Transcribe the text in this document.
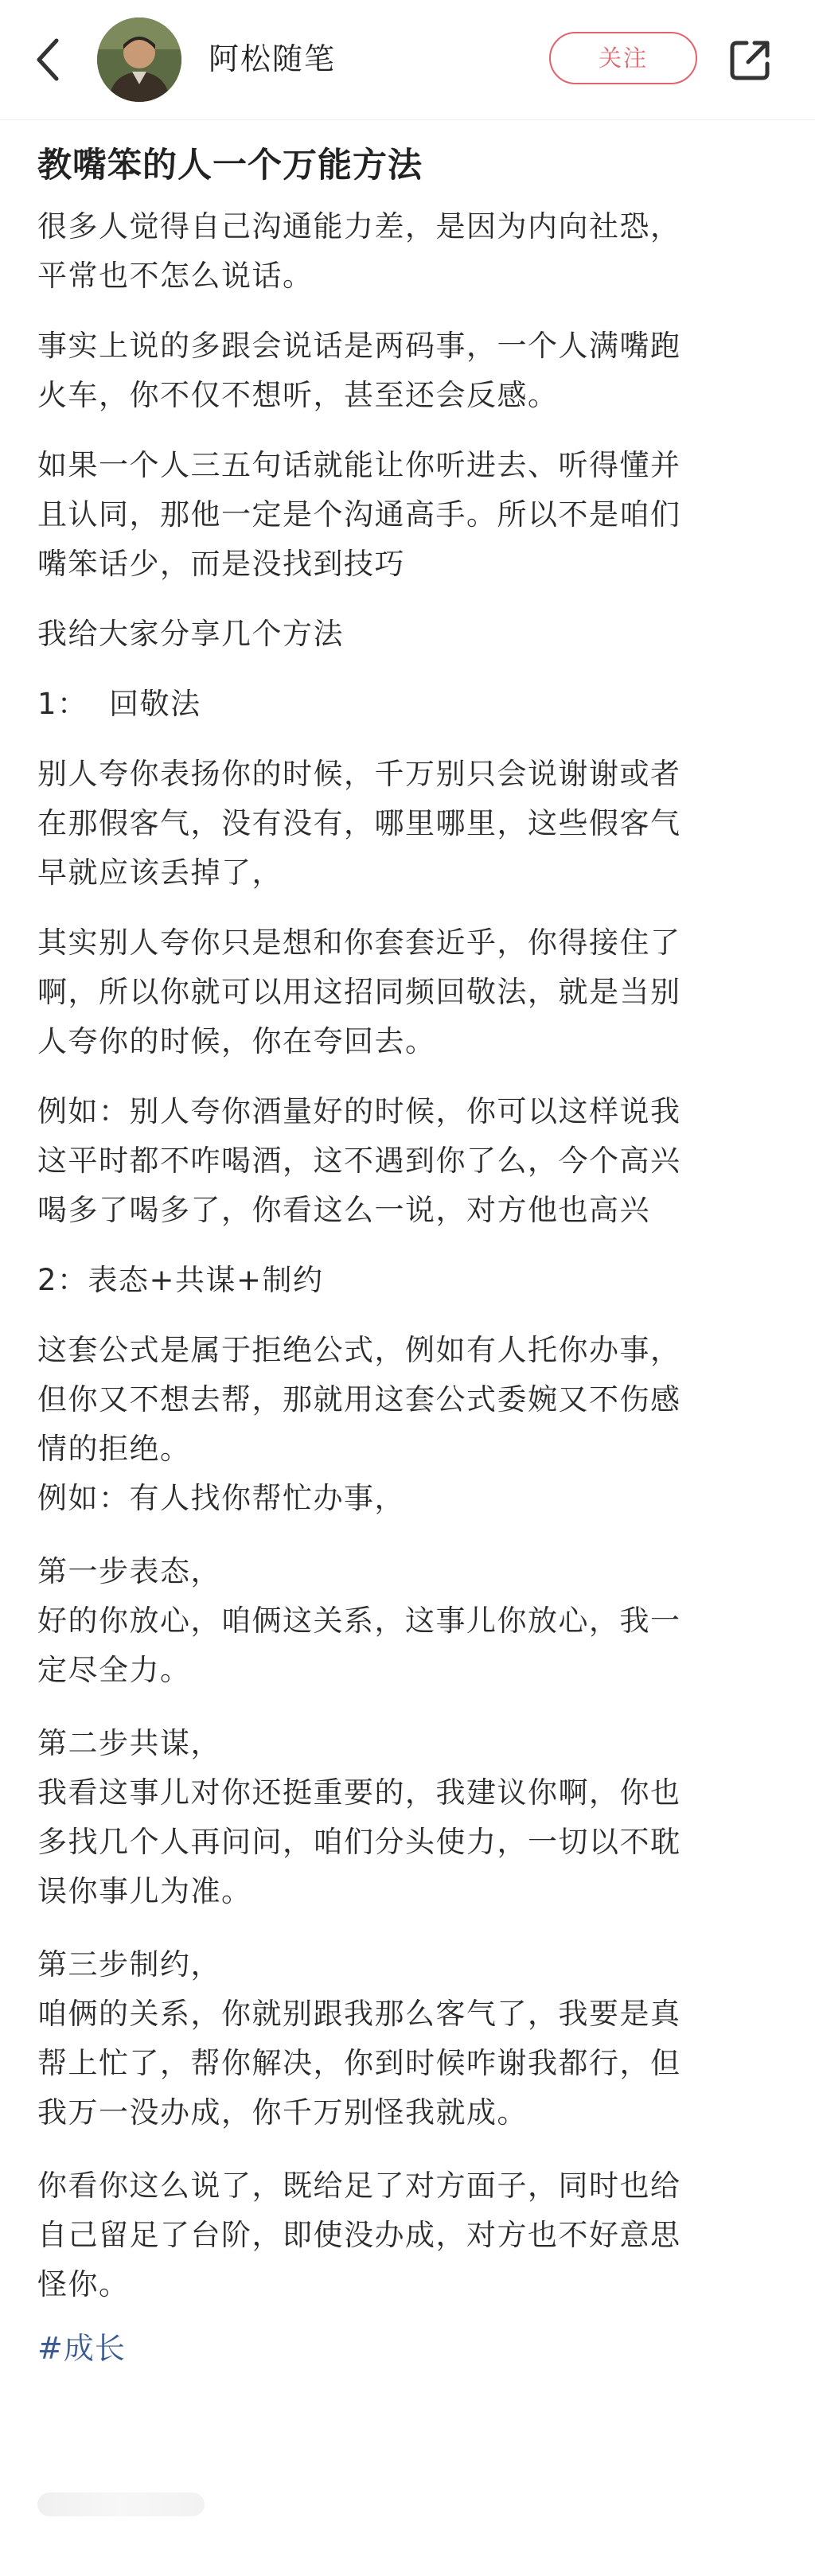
阿松随笔	关注
教嘴笨的人一个万能方法

很多人觉得自己沟通能力差，是因为内向社恐，
平常也不怎么说话。

事实上说的多跟会说话是两码事，一个人满嘴跑
火车，你不仅不想听，甚至还会反感。

如果一个人三五句话就能让你听进去、听得懂并
且认同，那他一定是个沟通高手。所以不是咱们
嘴笨话少，而是没找到技巧

我给大家分享几个方法

1：  回敬法

别人夸你表扬你的时候，千万别只会说谢谢或者
在那假客气，没有没有，哪里哪里，这些假客气
早就应该丢掉了，

其实别人夸你只是想和你套套近乎，你得接住了
啊，所以你就可以用这招同频回敬法，就是当别
人夸你的时候，你在夸回去。

例如：别人夸你酒量好的时候，你可以这样说我
这平时都不咋喝酒，这不遇到你了么，今个高兴
喝多了喝多了，你看这么一说，对方他也高兴

2：表态+共谋+制约

这套公式是属于拒绝公式，例如有人托你办事，
但你又不想去帮，那就用这套公式委婉又不伤感
情的拒绝。

例如：有人找你帮忙办事，

第一步表态，
好的你放心，咱俩这关系，这事儿你放心，我一
定尽全力。

第二步共谋，
我看这事儿对你还挺重要的，我建议你啊，你也
多找几个人再问问，咱们分头使力，一切以不耽
误你事儿为准。

第三步制约，
咱俩的关系，你就别跟我那么客气了，我要是真
帮上忙了，帮你解决，你到时候咋谢我都行，但
我万一没办成，你千万别怪我就成。

你看你这么说了，既给足了对方面子，同时也给
自己留足了台阶，即使没办成，对方也不好意思
怪你。

#成长
